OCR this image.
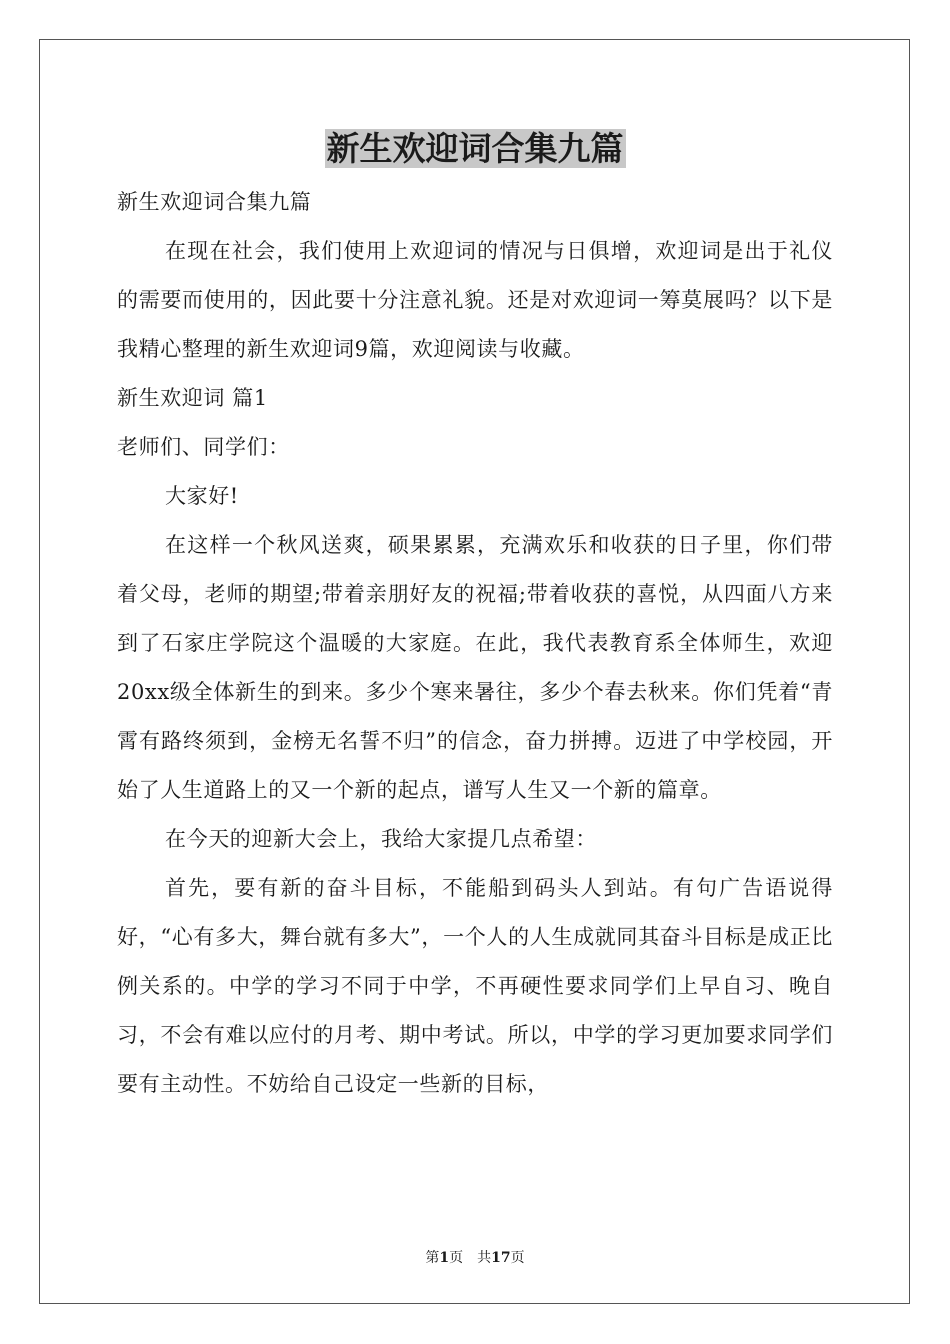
新生欢迎词合集九篇

新生欢迎词合集九篇

在现在社会，我们使用上欢迎词的情况与日俱增，欢迎词是出于礼仪的需要而使用的，因此要十分注意礼貌。还是对欢迎词一筹莫展吗？以下是我精心整理的新生欢迎词9篇，欢迎阅读与收藏。

新生欢迎词 篇1

老师们、同学们：

大家好!

在这样一个秋风送爽，硕果累累，充满欢乐和收获的日子里，你们带着父母，老师的期望;带着亲朋好友的祝福;带着收获的喜悦，从四面八方来到了石家庄学院这个温暖的大家庭。在此，我代表教育系全体师生，欢迎20xx级全体新生的到来。多少个寒来暑往，多少个春去秋来。你们凭着“青霄有路终须到，金榜无名誓不归”的信念，奋力拼搏。迈进了中学校园，开始了人生道路上的又一个新的起点，谱写人生又一个新的篇章。

在今天的迎新大会上，我给大家提几点希望：

首先，要有新的奋斗目标，不能船到码头人到站。有句广告语说得好，“心有多大，舞台就有多大”，一个人的人生成就同其奋斗目标是成正比例关系的。中学的学习不同于中学，不再硬性要求同学们上早自习、晚自习，不会有难以应付的月考、期中考试。所以，中学的学习更加要求同学们要有主动性。不妨给自己设定一些新的目标，

第1页 共17页
